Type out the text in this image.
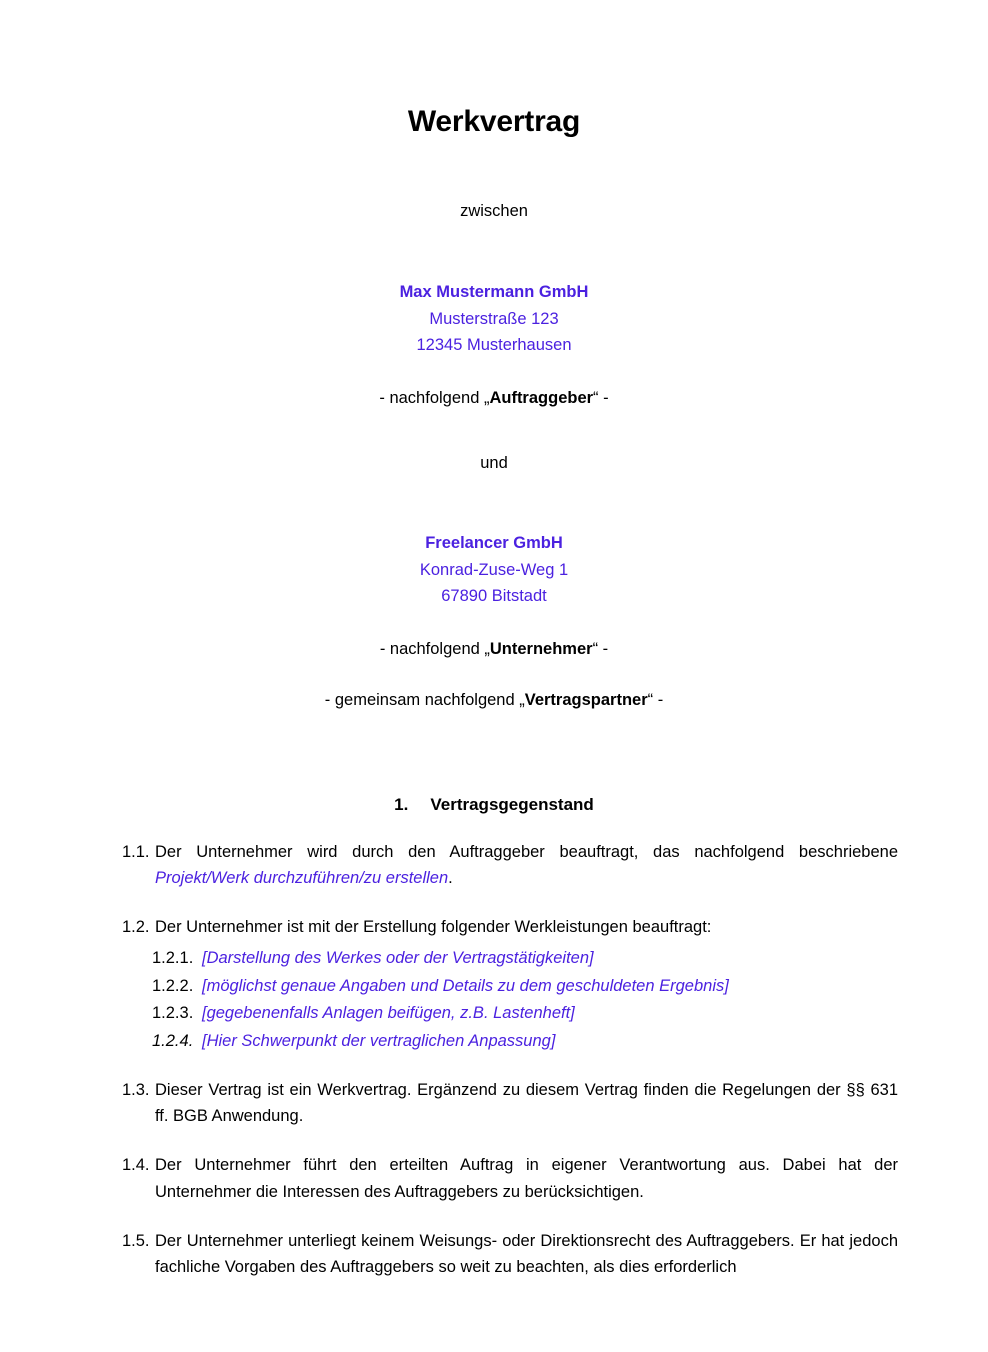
Werkvertrag

zwischen

Max Mustermann GmbH
Musterstraße 123
12345 Musterhausen

- nachfolgend „Auftraggeber“ -

und

Freelancer GmbH
Konrad-Zuse-Weg 1
67890 Bitstadt

- nachfolgend „Unternehmer“ -

- gemeinsam nachfolgend „Vertragspartner“ -

1. Vertragsgegenstand
1.1. Der Unternehmer wird durch den Auftraggeber beauftragt, das nachfolgend beschriebene Projekt/Werk durchzuführen/zu erstellen.
1.2. Der Unternehmer ist mit der Erstellung folgender Werkleistungen beauftragt:
1.2.1. [Darstellung des Werkes oder der Vertragstätigkeiten]
1.2.2. [möglichst genaue Angaben und Details zu dem geschuldeten Ergebnis]
1.2.3. [gegebenenfalls Anlagen beifügen, z.B. Lastenheft]
1.2.4. [Hier Schwerpunkt der vertraglichen Anpassung]
1.3. Dieser Vertrag ist ein Werkvertrag. Ergänzend zu diesem Vertrag finden die Regelungen der §§ 631 ff. BGB Anwendung.
1.4. Der Unternehmer führt den erteilten Auftrag in eigener Verantwortung aus. Dabei hat der Unternehmer die Interessen des Auftraggebers zu berücksichtigen.
1.5. Der Unternehmer unterliegt keinem Weisungs- oder Direktionsrecht des Auftraggebers. Er hat jedoch fachliche Vorgaben des Auftraggebers so weit zu beachten, als dies erforderlich
